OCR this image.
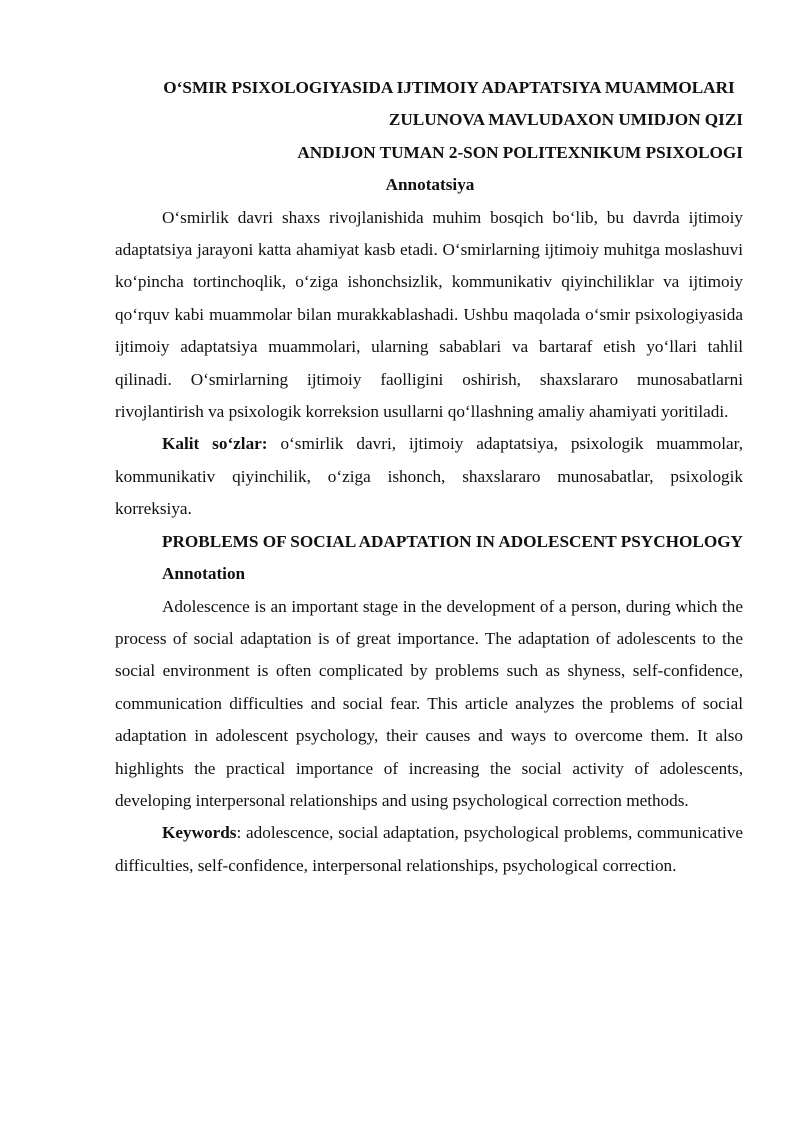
O‘SMIR PSIXOLOGIYASIDA IJTIMOIY ADAPTATSIYA MUAMMOLARI

ZULUNOVA MAVLUDAXON UMIDJON QIZI

ANDIJON TUMAN 2-SON POLITEXNIKUM PSIXOLOGI

Annotatsiya

O‘smirlik davri shaxs rivojlanishida muhim bosqich bo‘lib, bu davrda ijtimoiy adaptatsiya jarayoni katta ahamiyat kasb etadi. O‘smirlarning ijtimoiy muhitga moslashuvi ko‘pincha tortinchoqlik, o‘ziga ishonchsizlik, kommunikativ qiyinchiliklar va ijtimoiy qo‘rquv kabi muammolar bilan murakkablashadi. Ushbu maqolada o‘smir psixologiyasida ijtimoiy adaptatsiya muammolari, ularning sabablari va bartaraf etish yo‘llari tahlil qilinadi. O‘smirlarning ijtimoiy faolligini oshirish, shaxslararo munosabatlarni rivojlantirish va psixologik korreksion usullarni qo‘llashning amaliy ahamiyati yoritiladi.

Kalit so‘zlar: o‘smirlik davri, ijtimoiy adaptatsiya, psixologik muammolar, kommunikativ qiyinchilik, o‘ziga ishonch, shaxslararo munosabatlar, psixologik korreksiya.

PROBLEMS OF SOCIAL ADAPTATION IN ADOLESCENT PSYCHOLOGY

Annotation

Adolescence is an important stage in the development of a person, during which the process of social adaptation is of great importance. The adaptation of adolescents to the social environment is often complicated by problems such as shyness, self-confidence, communication difficulties and social fear. This article analyzes the problems of social adaptation in adolescent psychology, their causes and ways to overcome them. It also highlights the practical importance of increasing the social activity of adolescents, developing interpersonal relationships and using psychological correction methods.

Keywords: adolescence, social adaptation, psychological problems, communicative difficulties, self-confidence, interpersonal relationships, psychological correction.
